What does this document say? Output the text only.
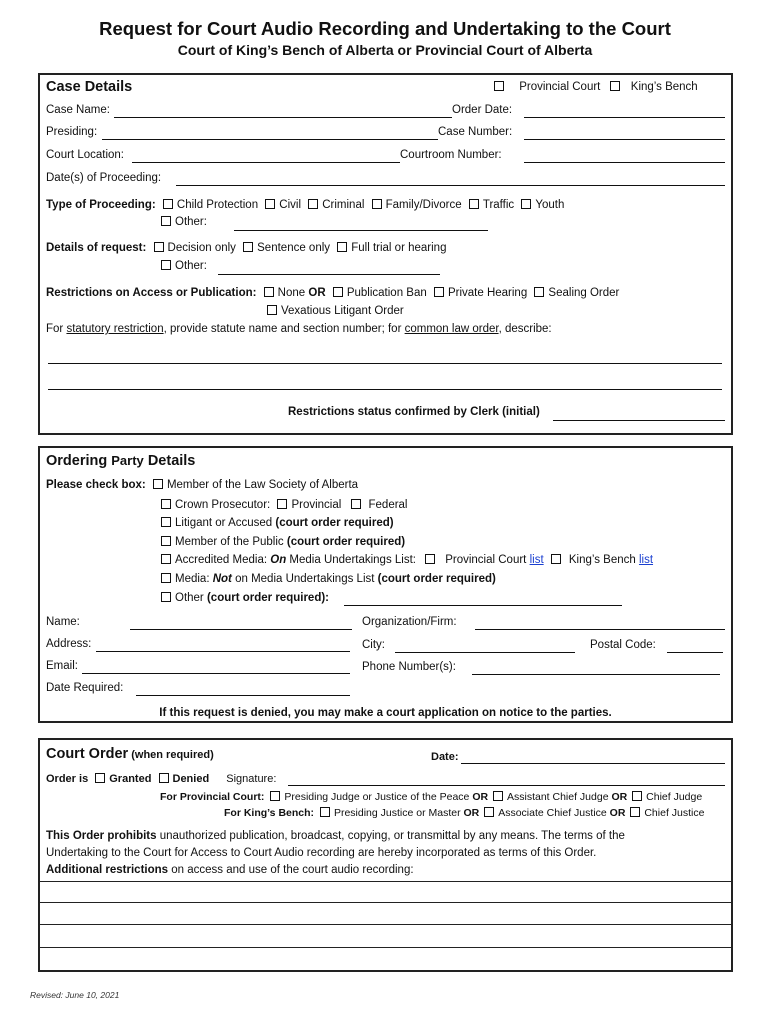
Request for Court Audio Recording and Undertaking to the Court
Court of King’s Bench of Alberta or Provincial Court of Alberta
Case Details	Provincial Court	King’s Bench
Case Name:	Order Date:
Presiding:	Case Number:
Court Location:	Courtroom Number:
Date(s) of Proceeding:
Type of Proceeding: Child Protection Civil Criminal Family/Divorce Traffic Youth
Other:
Details of request: Decision only Sentence only Full trial or hearing
Other:
Restrictions on Access or Publication: None OR Publication Ban Private Hearing Sealing Order
Vexatious Litigant Order
For statutory restriction, provide statute name and section number; for common law order, describe:
Restrictions status confirmed by Clerk (initial)
Ordering Party Details
Please check box: Member of the Law Society of Alberta
Crown Prosecutor: Provincial Federal
Litigant or Accused (court order required)
Member of the Public (court order required)
Accredited Media: On Media Undertakings List:	Provincial Court list King’s Bench list
Media: Not on Media Undertakings List (court order required)
Other (court order required):
Name:	Organization/Firm:
Address:	City:	Postal Code:
Email:	Phone Number(s):
Date Required:
If this request is denied, you may make a court application on notice to the parties.
Court Order (when required)	Date:
Order is Granted Denied Signature:
For Provincial Court: Presiding Judge or Justice of the Peace OR Assistant Chief Judge OR Chief Judge
For King’s Bench: Presiding Justice or Master OR Associate Chief Justice OR Chief Justice
This Order prohibits unauthorized publication, broadcast, copying, or transmittal by any means. The terms of the
Undertaking to the Court for Access to Court Audio recording are hereby incorporated as terms of this Order.
Additional restrictions on access and use of the court audio recording:
Revised: June 10, 2021
